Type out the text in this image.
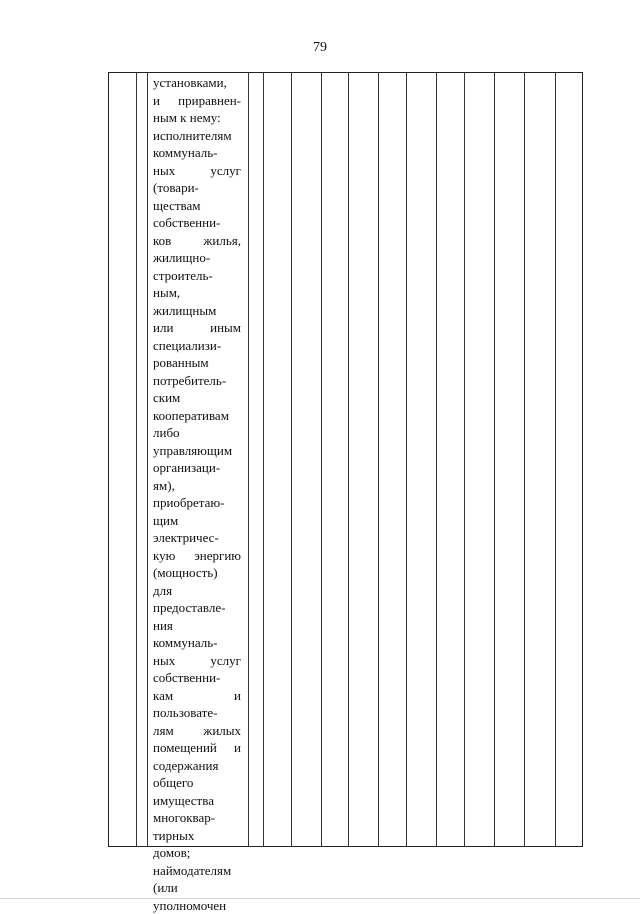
79
установками,
и приравнен-
ным к нему:
исполнителям
коммуналь-
ных услуг
(товари-
ществам
собственни-
ков жилья,
жилищно-
строитель-
ным,
жилищным
или иным
специализи-
рованным
потребитель-
ским
кооперативам
либо
управляющим
организаци-
ям),
приобретаю-
щим
электричес-
кую энергию
(мощность)
для
предоставле-
ния
коммуналь-
ных услуг
собственни-
кам и
пользовате-
лям жилых
помещений и
содержания
общего
имущества
многоквар-
тирных
домов;
наймодателям
(или
уполномочен
